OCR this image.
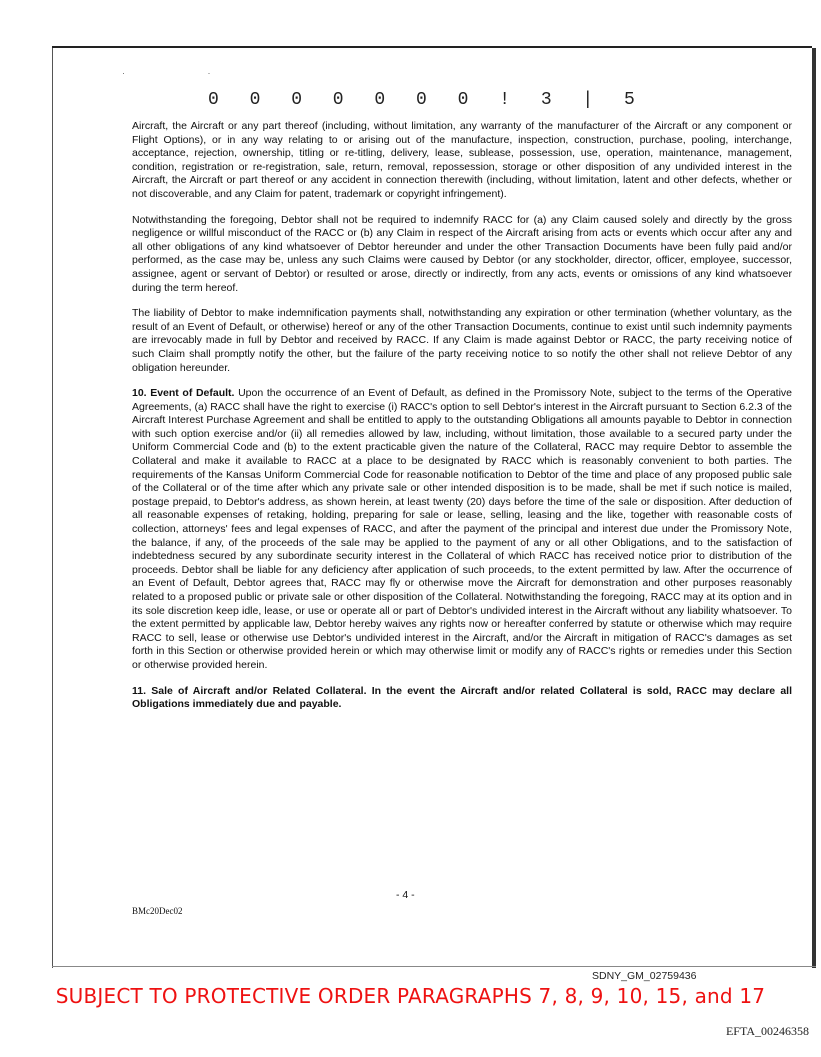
· ·
0 0 0 0 0 0 0 ! 3 | 5

Aircraft, the Aircraft or any part thereof (including, without limitation, any warranty of the manufacturer of the Aircraft or any component or Flight Options), or in any way relating to or arising out of the manufacture, inspection, construction, purchase, pooling, interchange, acceptance, rejection, ownership, titling or re-titling, delivery, lease, sublease, possession, use, operation, maintenance, management, condition, registration or re-registration, sale, return, removal, repossession, storage or other disposition of any undivided interest in the Aircraft, the Aircraft or part thereof or any accident in connection therewith (including, without limitation, latent and other defects, whether or not discoverable, and any Claim for patent, trademark or copyright infringement).

Notwithstanding the foregoing, Debtor shall not be required to indemnify RACC for (a) any Claim caused solely and directly by the gross negligence or willful misconduct of the RACC or (b) any Claim in respect of the Aircraft arising from acts or events which occur after any and all other obligations of any kind whatsoever of Debtor hereunder and under the other Transaction Documents have been fully paid and/or performed, as the case may be, unless any such Claims were caused by Debtor (or any stockholder, director, officer, employee, successor, assignee, agent or servant of Debtor) or resulted or arose, directly or indirectly, from any acts, events or omissions of any kind whatsoever during the term hereof.

The liability of Debtor to make indemnification payments shall, notwithstanding any expiration or other termination (whether voluntary, as the result of an Event of Default, or otherwise) hereof or any of the other Transaction Documents, continue to exist until such indemnity payments are irrevocably made in full by Debtor and received by RACC. If any Claim is made against Debtor or RACC, the party receiving notice of such Claim shall promptly notify the other, but the failure of the party receiving notice to so notify the other shall not relieve Debtor of any obligation hereunder.

10. Event of Default. Upon the occurrence of an Event of Default, as defined in the Promissory Note, subject to the terms of the Operative Agreements, (a) RACC shall have the right to exercise (i) RACC's option to sell Debtor's interest in the Aircraft pursuant to Section 6.2.3 of the Aircraft Interest Purchase Agreement and shall be entitled to apply to the outstanding Obligations all amounts payable to Debtor in connection with such option exercise and/or (ii) all remedies allowed by law, including, without limitation, those available to a secured party under the Uniform Commercial Code and (b) to the extent practicable given the nature of the Collateral, RACC may require Debtor to assemble the Collateral and make it available to RACC at a place to be designated by RACC which is reasonably convenient to both parties. The requirements of the Kansas Uniform Commercial Code for reasonable notification to Debtor of the time and place of any proposed public sale of the Collateral or of the time after which any private sale or other intended disposition is to be made, shall be met if such notice is mailed, postage prepaid, to Debtor's address, as shown herein, at least twenty (20) days before the time of the sale or disposition. After deduction of all reasonable expenses of retaking, holding, preparing for sale or lease, selling, leasing and the like, together with reasonable costs of collection, attorneys' fees and legal expenses of RACC, and after the payment of the principal and interest due under the Promissory Note, the balance, if any, of the proceeds of the sale may be applied to the payment of any or all other Obligations, and to the satisfaction of indebtedness secured by any subordinate security interest in the Collateral of which RACC has received notice prior to distribution of the proceeds. Debtor shall be liable for any deficiency after application of such proceeds, to the extent permitted by law. After the occurrence of an Event of Default, Debtor agrees that, RACC may fly or otherwise move the Aircraft for demonstration and other purposes reasonably related to a proposed public or private sale or other disposition of the Collateral. Notwithstanding the foregoing, RACC may at its option and in its sole discretion keep idle, lease, or use or operate all or part of Debtor's undivided interest in the Aircraft without any liability whatsoever. To the extent permitted by applicable law, Debtor hereby waives any rights now or hereafter conferred by statute or otherwise which may require RACC to sell, lease or otherwise use Debtor's undivided interest in the Aircraft, and/or the Aircraft in mitigation of RACC's damages as set forth in this Section or otherwise provided herein or which may otherwise limit or modify any of RACC's rights or remedies under this Section or otherwise provided herein.

11. Sale of Aircraft and/or Related Collateral. In the event the Aircraft and/or related Collateral is sold, RACC may declare all Obligations immediately due and payable.

- 4 -
BMc20Dec02
SDNY_GM_02759436
SUBJECT TO PROTECTIVE ORDER PARAGRAPHS 7, 8, 9, 10, 15, and 17
EFTA_00246358
